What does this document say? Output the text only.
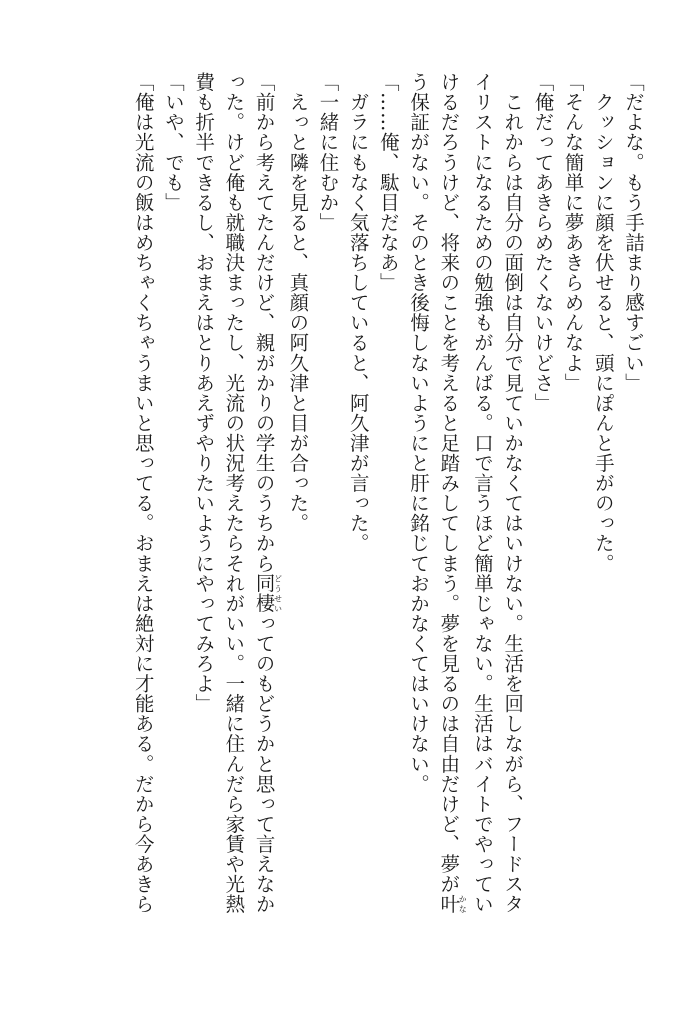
「だよな。もう手詰まり感すごい」
　クッションに顔を伏せると、頭にぽんと手がのった。
「そんな簡単に夢あきらめんなよ」
「俺だってあきらめたくないけどさ」
　これからは自分の面倒は自分で見ていかなくてはいけない。生活を回しながら、フードスタ
イリストになるための勉強もがんばる。口で言うほど簡単じゃない。生活はバイトでやってい
けるだろうけど、将来のことを考えると足踏みしてしまう。夢を見るのは自由だけど、夢が叶かな
う保証がない。そのとき後悔しないようにと肝に銘じておかなくてはいけない。
「……俺、駄目だなあ」
　ガラにもなく気落ちしていると、阿久津が言った。
「一緒に住むか」
　えっと隣を見ると、真顔の阿久津と目が合った。
「前から考えてたんだけど、親がかりの学生のうちから同棲どうせいってのもどうかと思って言えなか
った。けど俺も就職決まったし、光流の状況考えたらそれがいい。一緒に住んだら家賃や光熱
費も折半できるし、おまえはとりあえずやりたいようにやってみろよ」
「いや、でも」
「俺は光流の飯はめちゃくちゃうまいと思ってる。おまえは絶対に才能ある。だから今あきら
